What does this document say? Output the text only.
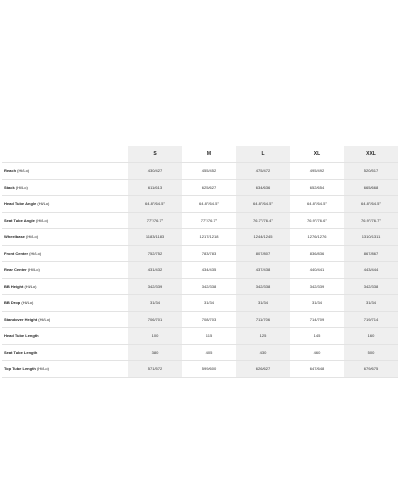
	S	M	L	XL	XXL
Reach (Hi/Lo)	430/427	455/452	475/472	495/492	520/517
Stack (Hi/Lo)	611/613	625/627	634/636	652/654	665/668
Head Tube Angle (Hi/Lo)	64.8°/64.5°	64.8°/64.5°	64.8°/64.5°	64.8°/64.5°	64.8°/64.5°
Seat Tube Angle (Hi/Lo)	77°/76.7°	77°/76.7°	76.7°/76.4°	76.9°/76.6°	76.9°/76.7°
Wheelbase (Hi/Lo)	1183/1183	1217/1218	1244/1245	1276/1276	1310/1311
Front Center (Hi/Lo)	752/752	783/783	807/807	836/836	867/867
Rear Center (Hi/Lo)	431/432	434/435	437/438	440/441	443/444
BB Height (Hi/Lo)	342/339	342/338	342/338	342/339	342/338
BB Drop (Hi/Lo)	31/34	31/34	31/34	31/34	31/34
Standover Height (Hi/Lo)	706/701	708/703	711/706	714/709	719/714
Head Tube Length	100	115	125	145	160
Seat Tube Length	380	405	430	460	500
Top Tube Length (Hi/Lo)	571/572	599/600	626/627	647/648	679/675
